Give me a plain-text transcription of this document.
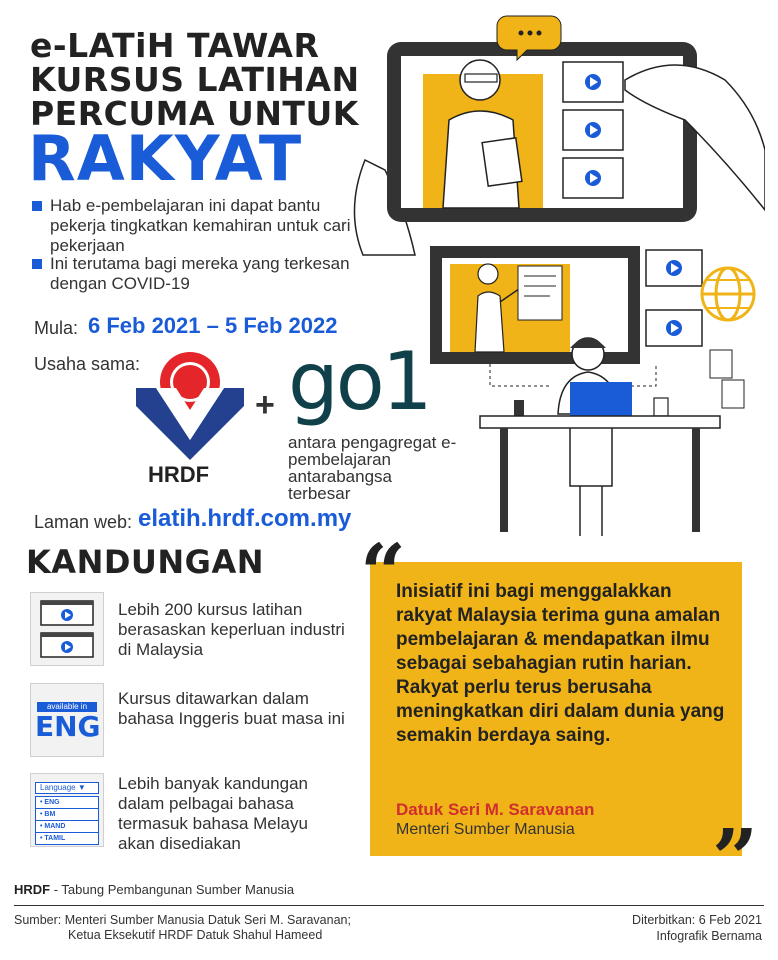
e-LATiH TAWAR
KURSUS LATIHAN
PERCUMA UNTUK
RAKYAT
Hab e-pembelajaran ini dapat bantu pekerja tingkatkan kemahiran untuk cari pekerjaan
Ini terutama bagi mereka yang terkesan dengan COVID-19
Mula: 6 Feb 2021 – 5 Feb 2022
Usaha sama:
HRDF
+ go1
antara pengagregat e-pembelajaran antarabangsa terbesar
Laman web: elatih.hrdf.com.my
KANDUNGAN
Lebih 200 kursus latihan berasaskan keperluan industri di Malaysia
available in
ENG
Kursus ditawarkan dalam bahasa Inggeris buat masa ini
Language ▼
• ENG
• BM
• MAND
• TAMIL
Lebih banyak kandungan dalam pelbagai bahasa termasuk bahasa Melayu akan disediakan
“
Inisiatif ini bagi menggalakkan rakyat Malaysia terima guna amalan pembelajaran & mendapatkan ilmu sebagai sebahagian rutin harian. Rakyat perlu terus berusaha meningkatkan diri dalam dunia yang semakin berdaya saing.
Datuk Seri M. Saravanan
Menteri Sumber Manusia ”
HRDF - Tabung Pembangunan Sumber Manusia
Sumber: Menteri Sumber Manusia Datuk Seri M. Saravanan;
Ketua Eksekutif HRDF Datuk Shahul Hameed
Diterbitkan: 6 Feb 2021
Infografik Bernama
